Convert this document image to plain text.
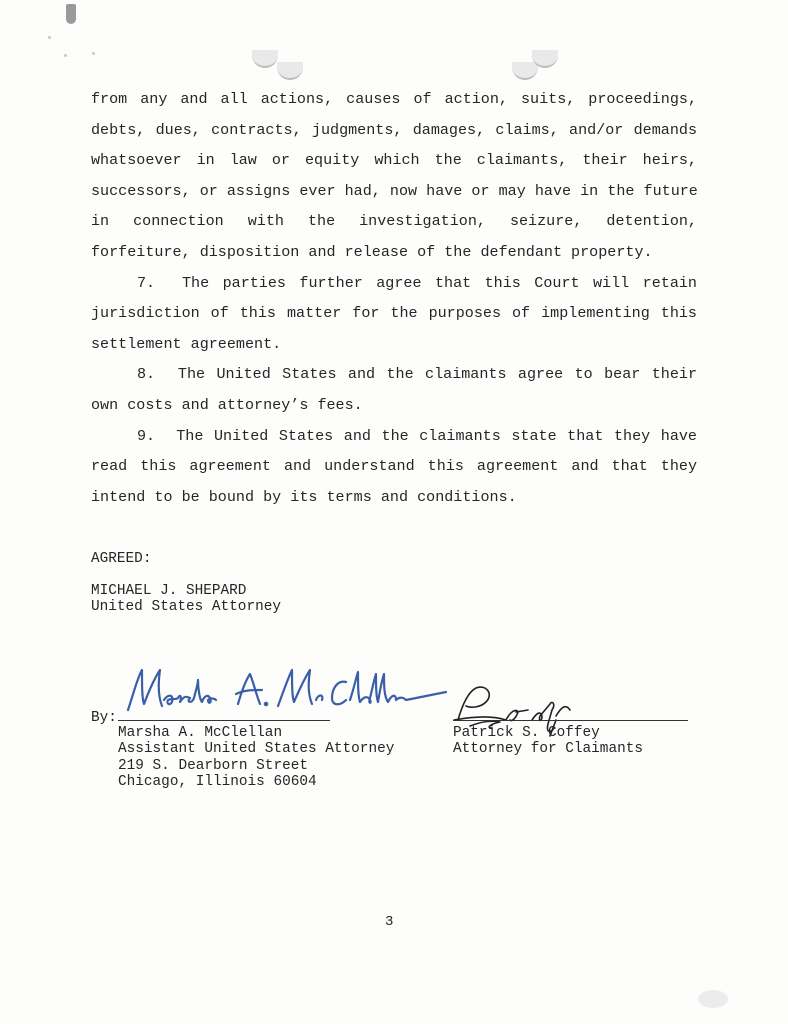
from any and all actions, causes of action, suits, proceedings,
debts, dues, contracts, judgments, damages, claims, and/or demands
whatsoever in law or equity which the claimants, their heirs,
successors, or assigns ever had, now have or may have in the future
in connection with the investigation, seizure, detention,
forfeiture, disposition and release of the defendant property.
7.  The parties further agree that this Court will retain
jurisdiction of this matter for the purposes of implementing this
settlement agreement.
8.  The United States and the claimants agree to bear their
own costs and attorney’s fees.
9.  The United States and the claimants state that they have
read this agreement and understand this agreement and that they
intend to be bound by its terms and conditions.
AGREED:
MICHAEL J. SHEPARD
United States Attorney
By:
Marsha A. McClellan
Assistant United States Attorney
219 S. Dearborn Street
Chicago, Illinois 60604
Patrick S. Coffey
Attorney for Claimants
3
